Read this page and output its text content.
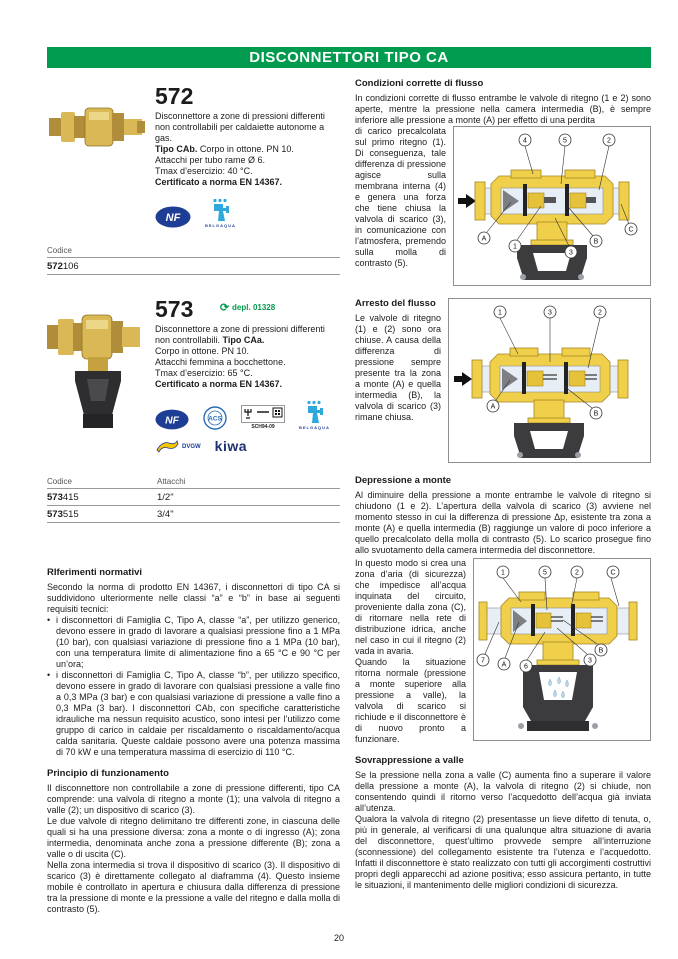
DISCONNETTORI TIPO CA
572

Disconnettore a zone di pressioni differenti non controllabili per caldaiette autonome a gas.

Tipo CAb. Corpo in ottone. PN 10.

Attacchi per tubo rame Ø 6.

Tmax d’esercizio: 40 °C.

Certificato a norma EN 14367.

NF
BELGAQUA
Codice
572106
573 ⟳ depl. 01328

Disconnettore a zone di pressioni differenti non controllabili. Tipo CAa.

Corpo in ottone. PN 10.

Attacchi femmina a bocchettone.

Tmax d’esercizio: 65 °C.

Certificato a norma EN 14367.

NF	ACS
SCH94-09	BELGAQUA
DVGW kiwa
Codice	Attacchi
573415	1/2"
573515	3/4"
RIferimenti normativi

Secondo la norma di prodotto EN 14367, i disconnettori di tipo CA si suddividono ulteriormente nelle classi “a” e “b” in base ai seguenti requisiti tecnici:

• i disconnettori di Famiglia C, Tipo A, classe “a”, per utilizzo generico, devono essere in grado di lavorare a qualsiasi pressione fino a 1 MPa (10 bar), con qualsiasi variazione di pressione fino a 1 MPa (10 bar), con una temperatura limite di alimentazione fino a 65 °C e 90 °C per un’ora;
• i disconnettori di Famiglia C, Tipo A, classe “b”, per utilizzo specifico, devono essere in grado di lavorare con qualsiasi pressione a valle fino a 0,3 MPa (3 bar) e con qualsiasi variazione di pressione a valle fino a 0,3 MPa (3 bar). I disconnettori CAb, con specifiche caratteristiche idrauliche ma nessun requisito acustico, sono intesi per l’utilizzo come gruppo di carico in caldaie per riscaldamento o riscaldamento/acqua calda sanitaria. Queste caldaie possono avere una potenza massima di 70 kW e una temperatura massima di esercizio di 110 °C.
Principio di funzionamento

Il disconnettore non controllabile a zone di pressione differenti, tipo CA comprende: una valvola di ritegno a monte (1); una valvola di ritegno a valle (2); un dispositivo di scarico (3).

Le due valvole di ritegno delimitano tre differenti zone, in ciascuna delle quali si ha una pressione diversa: zona a monte o di ingresso (A); zona intermedia, denominata anche zona a pressione differente (B); zona a valle o di uscita (C).

Nella zona intermedia si trova il dispositivo di scarico (3). Il dispositivo di scarico (3) è direttamente collegato al diaframma (4). Questo insieme mobile è controllato in apertura e chiusura dalla differenza di pressione tra la pressione di monte e la pressione a valle del ritegno e dalla molla di contrasto (5).

Condizioni corrette di flusso

In condizioni corrette di flusso entrambe le valvole di ritegno (1 e 2) sono aperte, mentre la pressione nella camera intermedia (B), è sempre inferiore alle pressione a monte (A) per effetto di una perdita

4	5	2
A
1
3
B
C

di carico precalcolata sul primo ritegno (1). Di conseguenza, tale differenza di pressione agisce sulla membrana interna (4) e genera una forza che tiene chiusa la valvola di scarico (3), in comunicazione con l’atmosfera, premendo sulla molla di contrasto (5).

1	3	2
A
B
Arresto del flusso

Le valvole di ritegno (1) e (2) sono ora chiuse. A causa della differenza di pressione sempre presente tra la zona a monte (A) e quella intermedia (B), la valvola di scarico (3) rimane chiusa.

Depressione a monte

Al diminuire della pressione a monte entrambe le valvole di ritegno si chiudono (1 e 2). L’apertura della valvola di scarico (3) avviene nel momento stesso in cui la differenza di pressione Δp, esistente tra zona a monte (A) e quella intermedia (B) raggiunge un valore di poco inferiore a quello precalcolato della molla di contrasto (5). Lo scarico prosegue fino allo svuotamento della camera intermedia del disconnettore.

1	5	2	C
7
A	6
B
3

In questo modo si crea una zona d’aria (di sicurezza) che impedisce all’acqua inquinata del circuito, proveniente dalla zona (C), di ritornare nella rete di distribuzione idrica, anche nel caso in cui il ritegno (2) vada in avaria.

Quando la situazione ritorna normale (pressione a monte superiore alla pressione a valle), la valvola di scarico si richiude e il disconnettore è di nuovo pronto a funzionare.

Sovrappressione a valle

Se la pressione nella zona a valle (C) aumenta fino a superare il valore della pressione a monte (A), la valvola di ritegno (2) si chiude, non consentendo quindi il ritorno verso l’acquedotto dell’acqua già inviata all’utenza.

Qualora la valvola di ritegno (2) presentasse un lieve difetto di tenuta, o, più in generale, al verificarsi di una qualunque altra situazione di avaria del disconnettore, quest’ultimo provvede sempre all’interruzione (sconnessione) del collegamento esistente tra l’utenza e l’acquedotto. Infatti il disconnettore è stato realizzato con tutti gli accorgimenti costruttivi propri degli apparecchi ad azione positiva; esso assicura pertanto, in tutte le situazioni, il mantenimento delle migliori condizioni di sicurezza.

20
